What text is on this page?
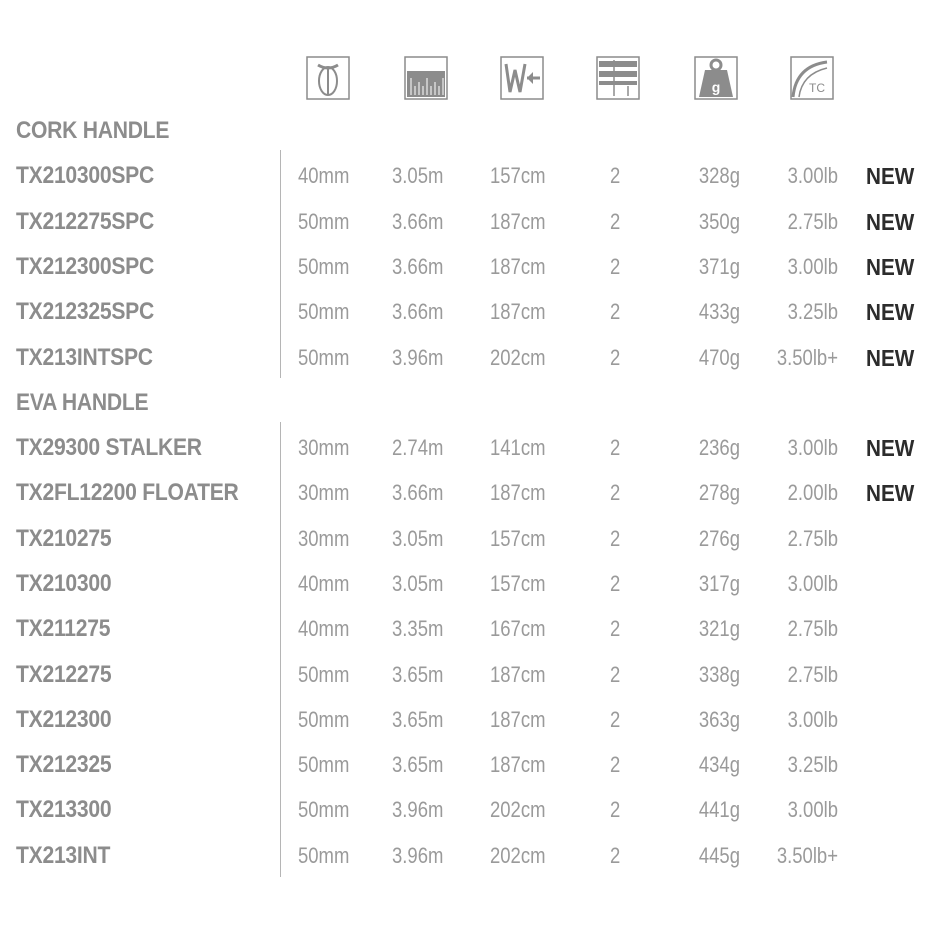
g	TC
CORK HANDLE
TX210300SPC	40mm 3.05m 157cm	2	328g	3.00lb NEW
TX212275SPC	50mm 3.66m 187cm	2	350g	2.75lb NEW
TX212300SPC	50mm 3.66m 187cm	2	371g	3.00lb NEW
TX212325SPC	50mm 3.66m 187cm	2	433g	3.25lb NEW
TX213INTSPC	50mm 3.96m 202cm	2	470g	3.50lb+ NEW
EVA HANDLE
TX29300 STALKER	30mm 2.74m 141cm	2	236g	3.00lb NEW
TX2FL12200 FLOATER	30mm 3.66m 187cm	2	278g	2.00lb NEW
TX210275	30mm 3.05m 157cm	2	276g	2.75lb
TX210300	40mm 3.05m 157cm	2	317g	3.00lb
TX211275	40mm 3.35m 167cm	2	321g	2.75lb
TX212275	50mm 3.65m 187cm	2	338g	2.75lb
TX212300	50mm 3.65m 187cm	2	363g	3.00lb
TX212325	50mm 3.65m 187cm	2	434g	3.25lb
TX213300	50mm 3.96m 202cm	2	441g	3.00lb
TX213INT	50mm 3.96m 202cm	2	445g	3.50lb+
